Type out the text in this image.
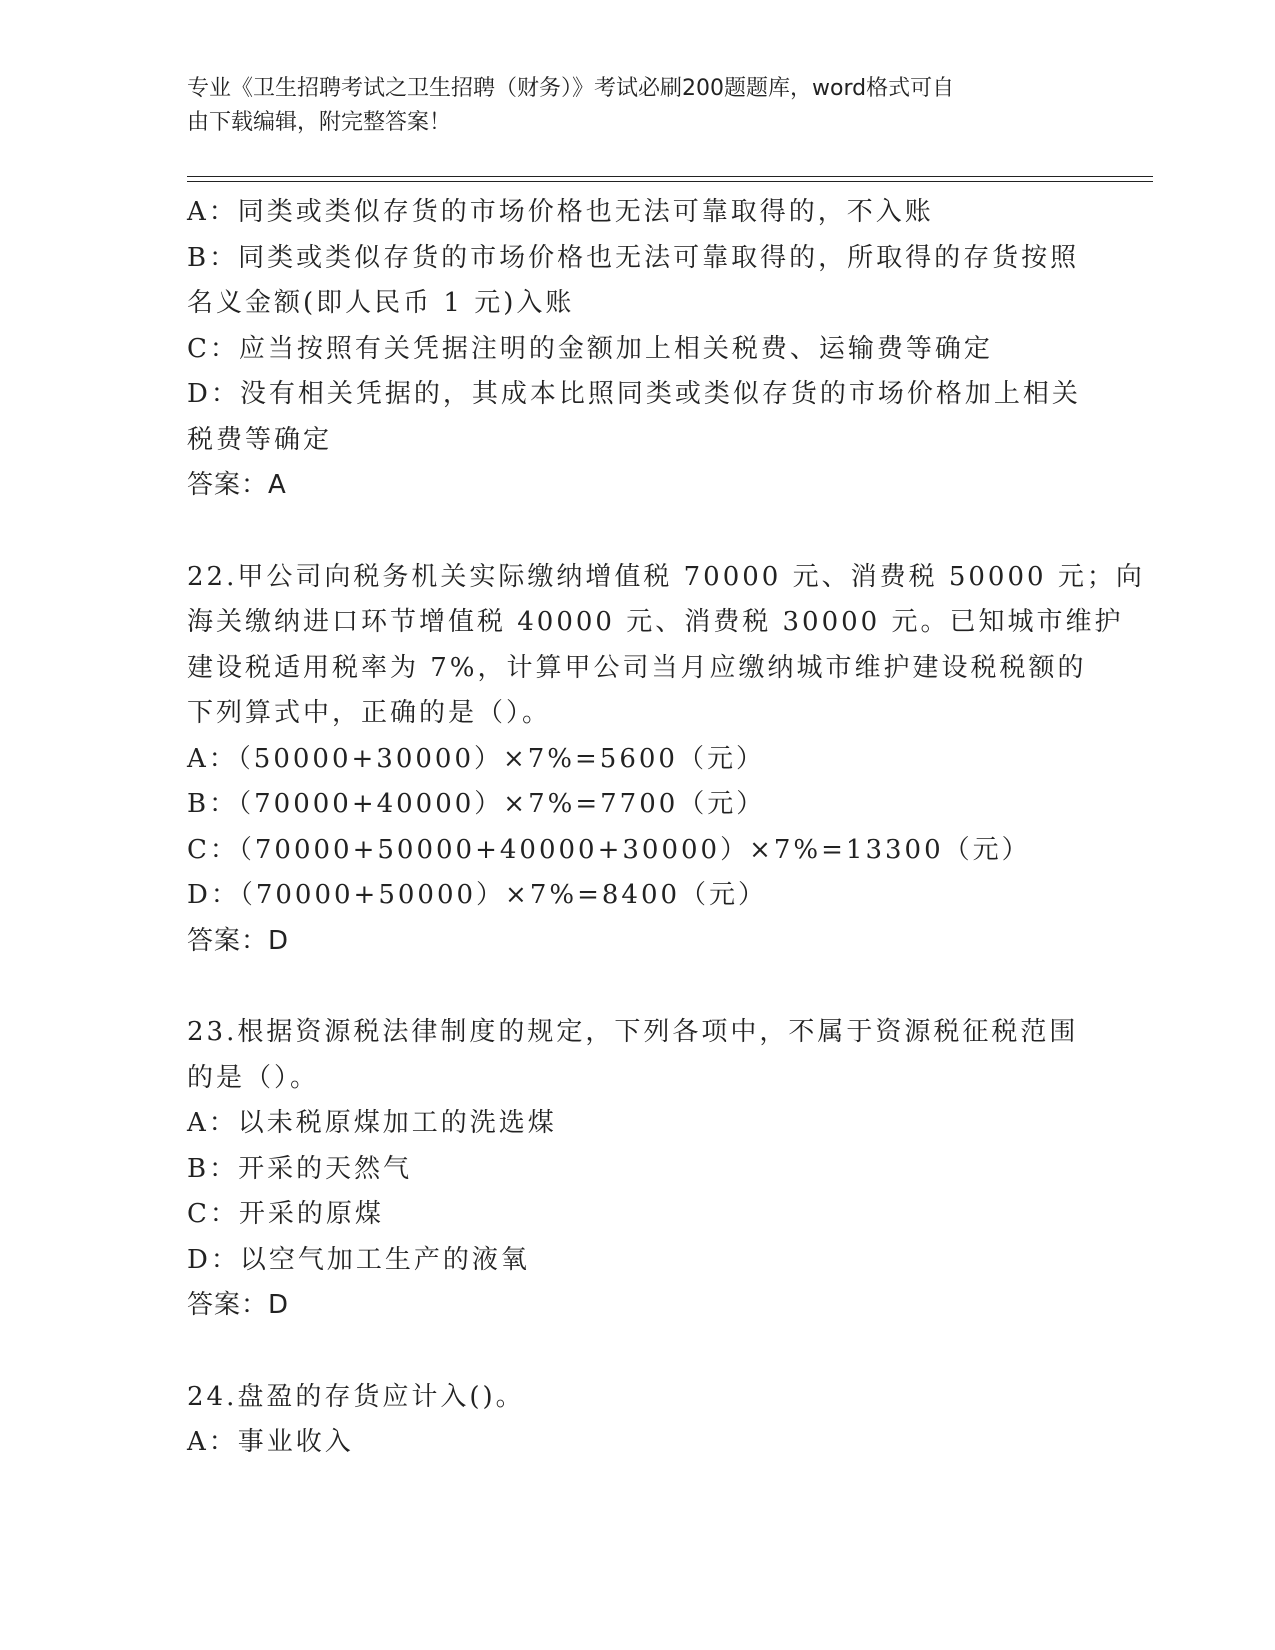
专业《卫生招聘考试之卫生招聘（财务）》考试必刷200题题库，word格式可自
由下载编辑，附完整答案！
A：同类或类似存货的市场价格也无法可靠取得的，不入账
B：同类或类似存货的市场价格也无法可靠取得的，所取得的存货按照
名义金额(即人民币 1 元)入账
C：应当按照有关凭据注明的金额加上相关税费、运输费等确定
D：没有相关凭据的，其成本比照同类或类似存货的市场价格加上相关
税费等确定
答案：A
22.甲公司向税务机关实际缴纳增值税 70000 元、消费税 50000 元；向
海关缴纳进口环节增值税 40000 元、消费税 30000 元。已知城市维护
建设税适用税率为 7%，计算甲公司当月应缴纳城市维护建设税税额的
下列算式中，正确的是（）。
A：（50000+30000）×7%=5600（元）
B：（70000+40000）×7%=7700（元）
C：（70000+50000+40000+30000）×7%=13300（元）
D：（70000+50000）×7%=8400（元）
答案：D
23.根据资源税法律制度的规定，下列各项中，不属于资源税征税范围
的是（）。
A：以未税原煤加工的洗选煤
B：开采的天然气
C：开采的原煤
D：以空气加工生产的液氧
答案：D
24.盘盈的存货应计入()。
A：事业收入
